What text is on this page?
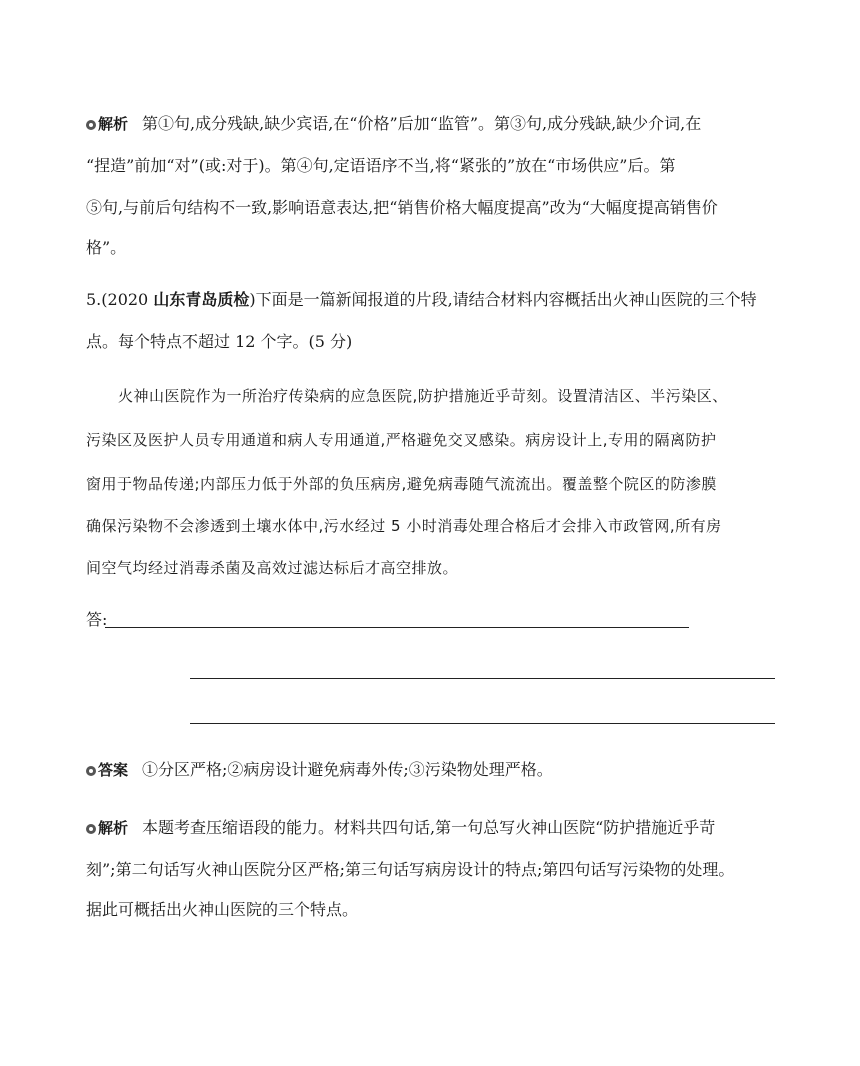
解析 第①句,成分残缺,缺少宾语,在“价格”后加“监管”。第③句,成分残缺,缺少介词,在
“捏造”前加“对”(或:对于)。第④句,定语语序不当,将“紧张的”放在“市场供应”后。第
⑤句,与前后句结构不一致,影响语意表达,把“销售价格大幅度提高”改为“大幅度提高销售价
格”。
5.(2020 山东青岛质检)下面是一篇新闻报道的片段,请结合材料内容概括出火神山医院的三个特
点。每个特点不超过 12 个字。(5 分)
火神山医院作为一所治疗传染病的应急医院,防护措施近乎苛刻。设置清洁区、半污染区、
污染区及医护人员专用通道和病人专用通道,严格避免交叉感染。病房设计上,专用的隔离防护
窗用于物品传递;内部压力低于外部的负压病房,避免病毒随气流流出。覆盖整个院区的防渗膜
确保污染物不会渗透到土壤水体中,污水经过 5 小时消毒处理合格后才会排入市政管网,所有房
间空气均经过消毒杀菌及高效过滤达标后才高空排放。
答:
答案 ①分区严格;②病房设计避免病毒外传;③污染物处理严格。
解析 本题考查压缩语段的能力。材料共四句话,第一句总写火神山医院“防护措施近乎苛
刻”;第二句话写火神山医院分区严格;第三句话写病房设计的特点;第四句话写污染物的处理。
据此可概括出火神山医院的三个特点。
